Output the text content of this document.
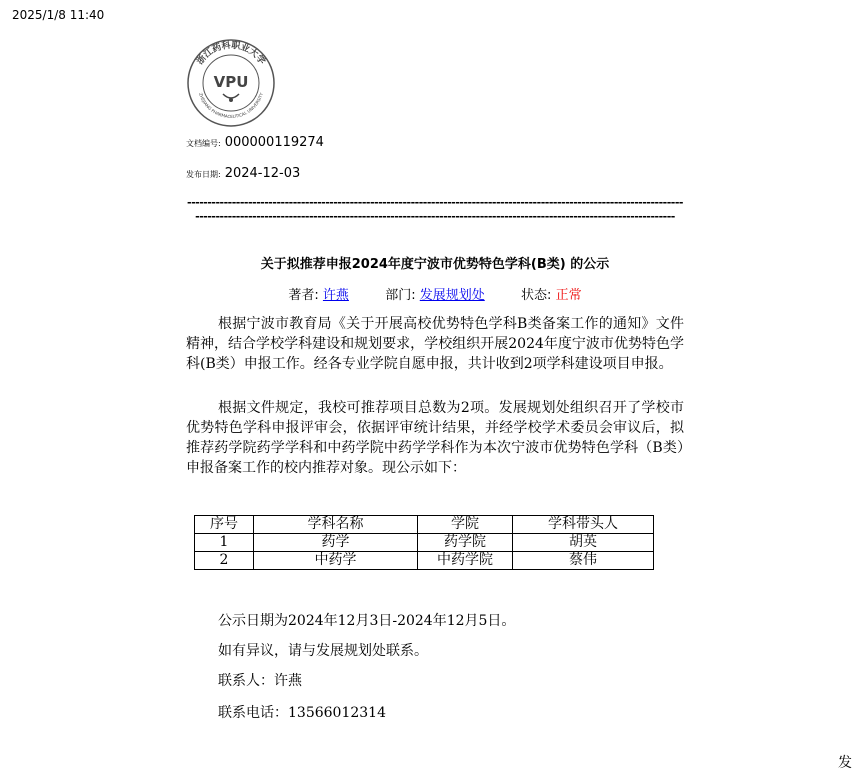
2025/1/8 11:40
浙江药科职业大学
ZHEJIANG PHARMACEUTICAL UNIVERSITY
VPU
文档编号: 000000119274
发布日期: 2024-12-03
------------------------------------------------------------------------------------------------------------------------------------------------------------------------------------------------------------------------------------------------
关于拟推荐申报2024年度宁波市优势特色学科(B类) 的公示
著者: 许燕	部门: 发展规划处	状态: 正常

根据宁波市教育局《关于开展高校优势特色学科B类备案工作的通知》文件精神，结合学校学科建设和规划要求，学校组织开展2024年度宁波市优势特色学科(B类）申报工作。经各专业学院自愿申报，共计收到2项学科建设项目申报。

根据文件规定，我校可推荐项目总数为2项。发展规划处组织召开了学校市优势特色学科申报评审会，依据评审统计结果，并经学校学术委员会审议后，拟推荐药学院药学学科和中药学院中药学学科作为本次宁波市优势特色学科（B类）申报备案工作的校内推荐对象。现公示如下：

序号	学科名称	学院	学科带头人
1	药学	药学院	胡英
2	中药学	中药学院	蔡伟
公示日期为2024年12月3日-2024年12月5日。
如有异议，请与发展规划处联系。
联系人：许燕
联系电话：13566012314
发
